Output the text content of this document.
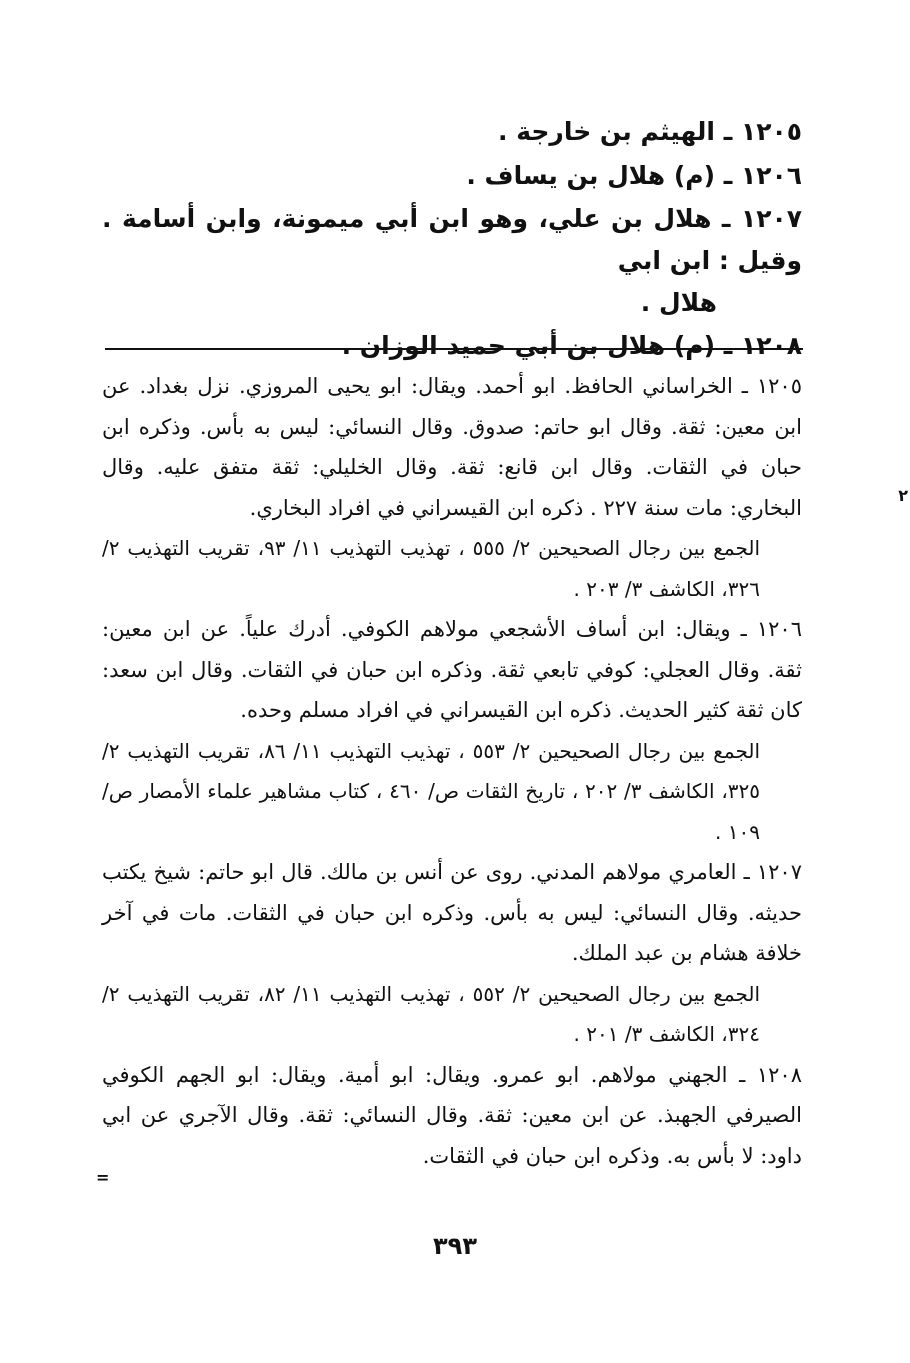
١٢٠٥ ـ الهيثم بن خارجة .
١٢٠٦ ـ (م) هلال بن يساف .
١٢٠٧ ـ هلال بن علي، وهو ابن أبي ميمونة، وابن أسامة . وقيل : ابن ابي
هلال .
١٢٠٨ ـ (م) هلال بن أبي حميد الوزان .

١٢٠٥ ـ الخراساني الحافظ. ابو أحمد. ويقال: ابو يحيى المروزي. نزل بغداد. عن ابن معين: ثقة. وقال ابو حاتم: صدوق. وقال النسائي: ليس به بأس. وذكره ابن حبان في الثقات. وقال ابن قانع: ثقة. وقال الخليلي: ثقة متفق عليه. وقال البخاري: مات سنة ٢٢٧ . ذكره ابن القيسراني في افراد البخاري.

الجمع بين رجال الصحيحين ٢/ ٥٥٥ ، تهذيب التهذيب ١١/ ٩٣، تقريب التهذيب ٢/ ٣٢٦، الكاشف ٣/ ٢٠٣ .

١٢٠٦ ـ ويقال: ابن أساف الأشجعي مولاهم الكوفي. أدرك علياً. عن ابن معين: ثقة. وقال العجلي: كوفي تابعي ثقة. وذكره ابن حبان في الثقات. وقال ابن سعد: كان ثقة كثير الحديث. ذكره ابن القيسراني في افراد مسلم وحده.

الجمع بين رجال الصحيحين ٢/ ٥٥٣ ، تهذيب التهذيب ١١/ ٨٦، تقريب التهذيب ٢/ ٣٢٥، الكاشف ٣/ ٢٠٢ ، تاريخ الثقات ص/ ٤٦٠ ، كتاب مشاهير علماء الأمصار ص/ ١٠٩ .

١٢٠٧ ـ العامري مولاهم المدني. روى عن أنس بن مالك. قال ابو حاتم: شيخ يكتب حديثه. وقال النسائي: ليس به بأس. وذكره ابن حبان في الثقات. مات في آخر خلافة هشام بن عبد الملك.

الجمع بين رجال الصحيحين ٢/ ٥٥٢ ، تهذيب التهذيب ١١/ ٨٢، تقريب التهذيب ٢/ ٣٢٤، الكاشف ٣/ ٢٠١ .

١٢٠٨ ـ الجهني مولاهم. ابو عمرو. ويقال: ابو أمية. ويقال: ابو الجهم الكوفي الصيرفي الجهبذ. عن ابن معين: ثقة. وقال النسائي: ثقة. وقال الآجري عن ابي داود: لا بأس به. وذكره ابن حبان في الثقات.

٢
=
٣٩٣
